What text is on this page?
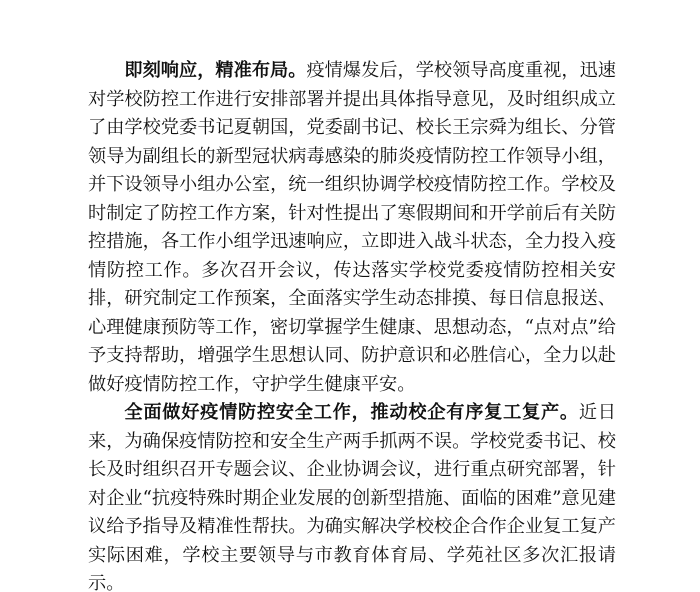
即刻响应，精准布局。疫情爆发后，学校领导高度重视，迅速对学校防控工作进行安排部署并提出具体指导意见，及时组织成立了由学校党委书记夏朝国，党委副书记、校长王宗舜为组长、分管领导为副组长的新型冠状病毒感染的肺炎疫情防控工作领导小组，并下设领导小组办公室，统一组织协调学校疫情防控工作。学校及时制定了防控工作方案，针对性提出了寒假期间和开学前后有关防控措施，各工作小组学迅速响应，立即进入战斗状态，全力投入疫情防控工作。多次召开会议，传达落实学校党委疫情防控相关安排，研究制定工作预案，全面落实学生动态排摸、每日信息报送、心理健康预防等工作，密切掌握学生健康、思想动态，“点对点”给予支持帮助，增强学生思想认同、防护意识和必胜信心，全力以赴做好疫情防控工作，守护学生健康平安。

全面做好疫情防控安全工作，推动校企有序复工复产。近日来，为确保疫情防控和安全生产两手抓两不误。学校党委书记、校长及时组织召开专题会议、企业协调会议，进行重点研究部署，针对企业“抗疫特殊时期企业发展的创新型措施、面临的困难”意见建议给予指导及精准性帮扶。为确实解决学校校企合作企业复工复产实际困难，学校主要领导与市教育体育局、学苑社区多次汇报请示。
